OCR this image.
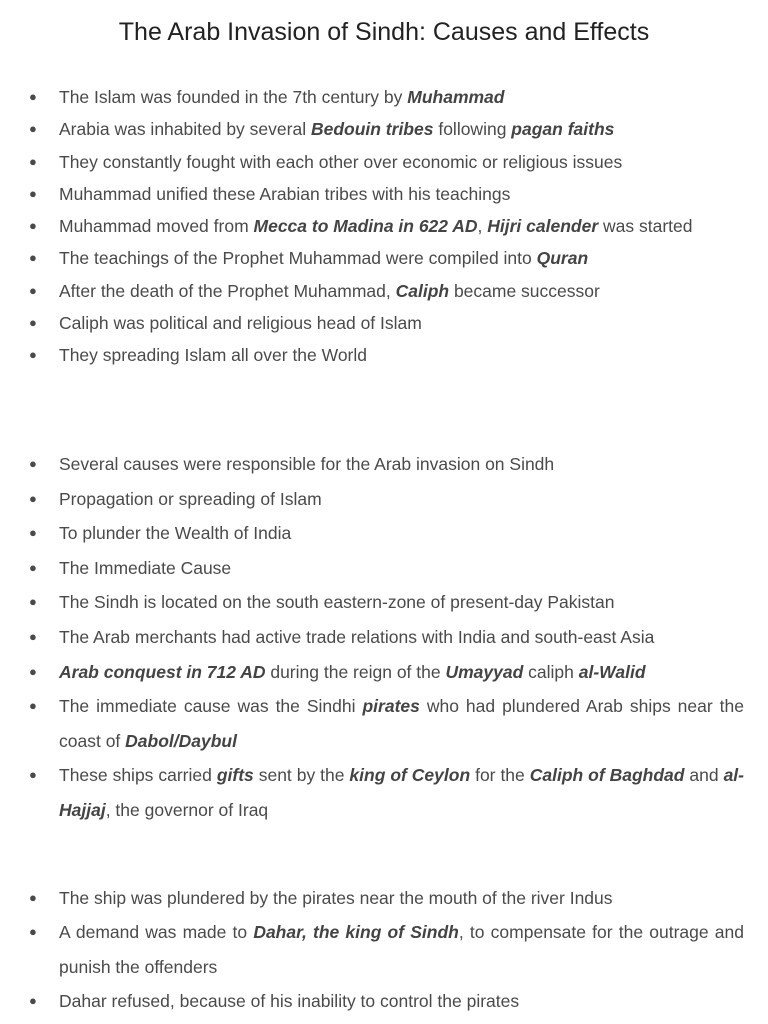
The Arab Invasion of Sindh: Causes and Effects
● The Islam was founded in the 7th century by Muhammad
● Arabia was inhabited by several Bedouin tribes following pagan faiths
● They constantly fought with each other over economic or religious issues
● Muhammad unified these Arabian tribes with his teachings
● Muhammad moved from Mecca to Madina in 622 AD, Hijri calender was started
● The teachings of the Prophet Muhammad were compiled into Quran
● After the death of the Prophet Muhammad, Caliph became successor
● Caliph was political and religious head of Islam
● They spreading Islam all over the World
● Several causes were responsible for the Arab invasion on Sindh
● Propagation or spreading of Islam
● To plunder the Wealth of India
● The Immediate Cause
● The Sindh is located on the south eastern-zone of present-day Pakistan
● The Arab merchants had active trade relations with India and south-east Asia
● Arab conquest in 712 AD during the reign of the Umayyad caliph al-Walid
● The immediate cause was the Sindhi pirates who had plundered Arab ships near the coast of Dabol/Daybul
● These ships carried gifts sent by the king of Ceylon for the Caliph of Baghdad and al-Hajjaj, the governor of Iraq
● The ship was plundered by the pirates near the mouth of the river Indus
● A demand was made to Dahar, the king of Sindh, to compensate for the outrage and punish the offenders
● Dahar refused, because of his inability to control the pirates
